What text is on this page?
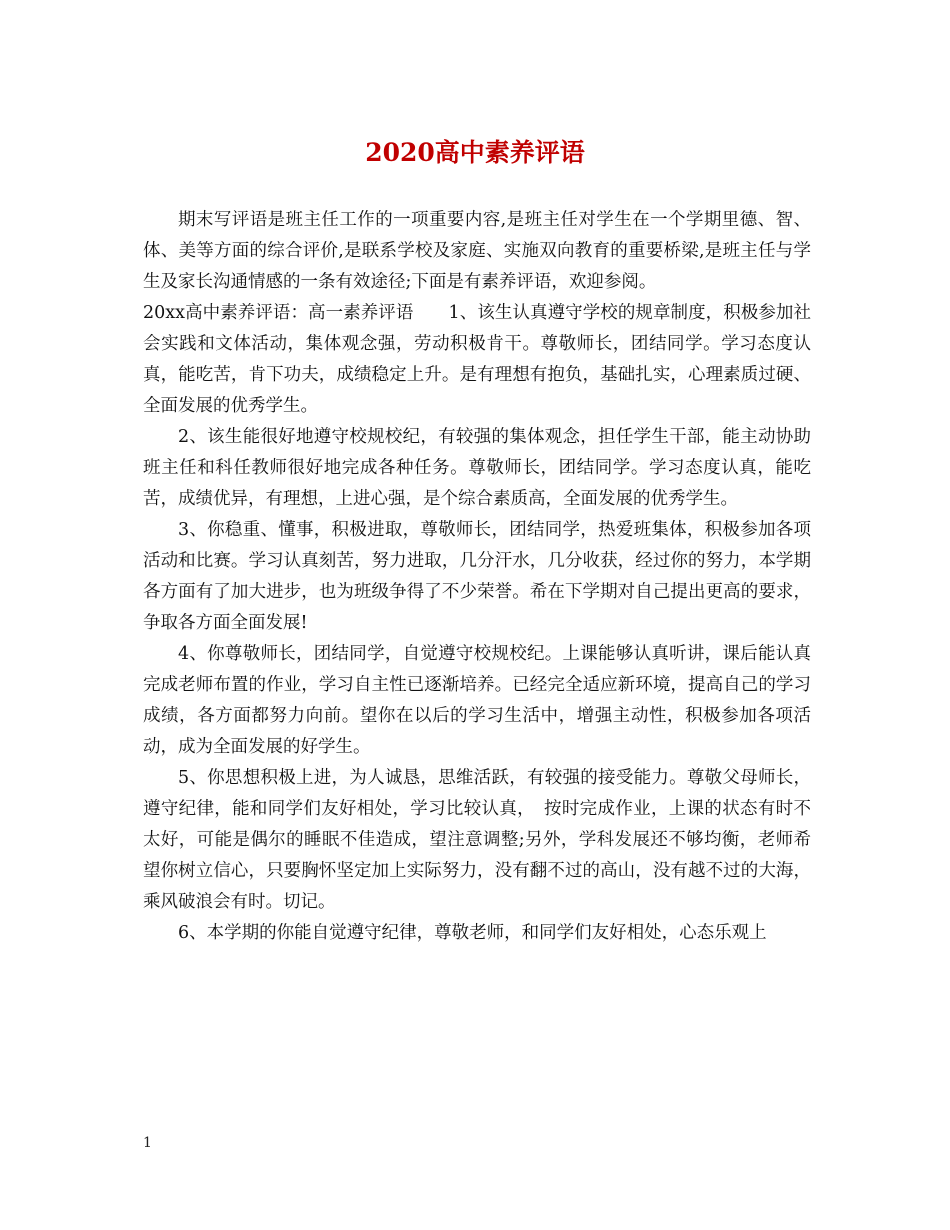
2020高中素养评语

期末写评语是班主任工作的一项重要内容,是班主任对学生在一个学期里德、智、体、美等方面的综合评价,是联系学校及家庭、实施双向教育的重要桥梁,是班主任与学生及家长沟通情感的一条有效途径;下面是有素养评语，欢迎参阅。

20xx高中素养评语：高一素养评语　　1、该生认真遵守学校的规章制度，积极参加社会实践和文体活动，集体观念强，劳动积极肯干。尊敬师长，团结同学。学习态度认真，能吃苦，肯下功夫，成绩稳定上升。是有理想有抱负，基础扎实，心理素质过硬、全面发展的优秀学生。

2、该生能很好地遵守校规校纪，有较强的集体观念，担任学生干部，能主动协助班主任和科任教师很好地完成各种任务。尊敬师长，团结同学。学习态度认真，能吃苦，成绩优异，有理想，上进心强，是个综合素质高，全面发展的优秀学生。

3、你稳重、懂事，积极进取，尊敬师长，团结同学，热爱班集体，积极参加各项活动和比赛。学习认真刻苦，努力进取，几分汗水，几分收获，经过你的努力，本学期各方面有了加大进步，也为班级争得了不少荣誉。希在下学期对自己提出更高的要求，争取各方面全面发展!

4、你尊敬师长，团结同学，自觉遵守校规校纪。上课能够认真听讲，课后能认真完成老师布置的作业，学习自主性已逐渐培养。已经完全适应新环境，提高自己的学习成绩，各方面都努力向前。望你在以后的学习生活中，增强主动性，积极参加各项活动，成为全面发展的好学生。

5、你思想积极上进，为人诚恳，思维活跃，有较强的接受能力。尊敬父母师长，遵守纪律，能和同学们友好相处，学习比较认真，　按时完成作业，上课的状态有时不太好，可能是偶尔的睡眠不佳造成，望注意调整;另外，学科发展还不够均衡，老师希望你树立信心，只要胸怀坚定加上实际努力，没有翻不过的高山，没有越不过的大海，乘风破浪会有时。切记。

6、本学期的你能自觉遵守纪律，尊敬老师，和同学们友好相处，心态乐观上

1
